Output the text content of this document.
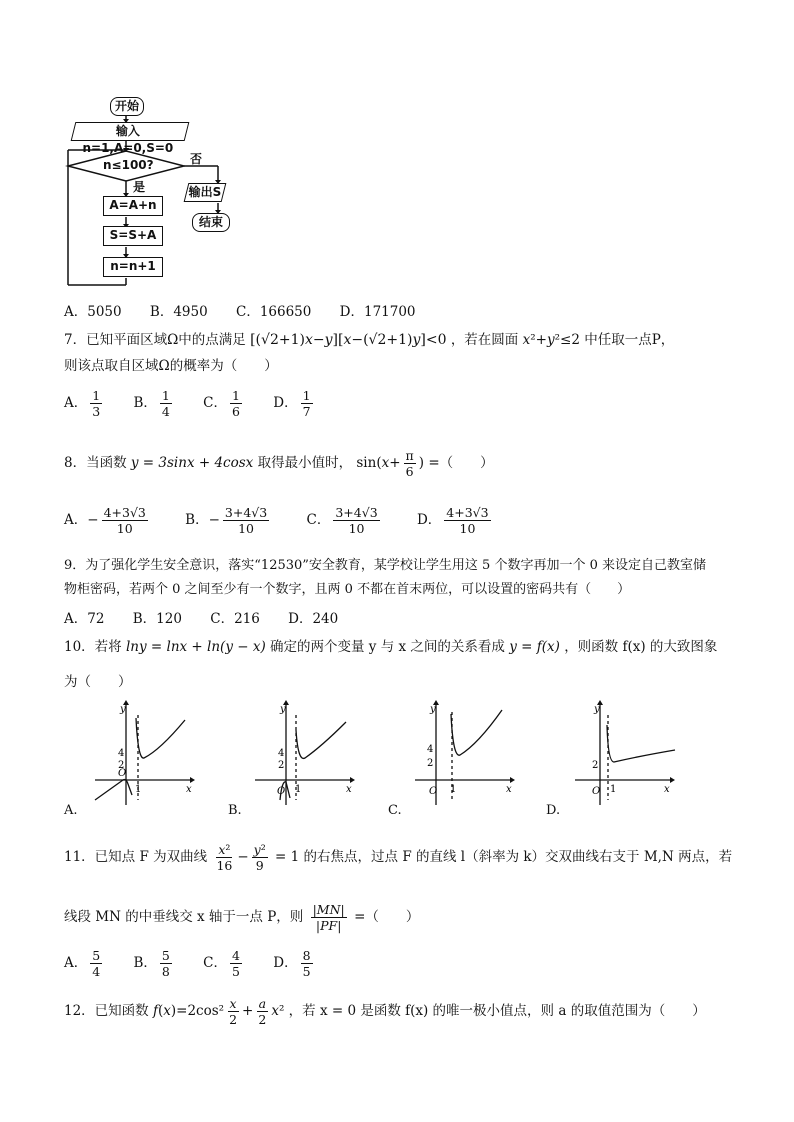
开始
输入n=1,A=0,S=0
n≤100?	否
是	输出S
结束
A=A+n
S=S+A
n=n+1
A．5050 B．4950 C．166650 D．171700
7．已知平面区域Ω中的点满足 [(√2+1)x−y][x−(√2+1)y]<0 ，若在圆面 x²+y²≤2 中任取一点P，
则该点取自区域Ω的概率为（　　）
A． $\frac{1}{3}$ B． $\frac{1}{4}$ C． $\frac{1}{6}$ D． $\frac{1}{7}$
8．当函数 y = 3sinx + 4cosx 取得最小值时， $\sin(x+ \frac{\pi}{6}$ ) =（　　）
A．− $\frac{4+3√3}{10}$	B．− $\frac{3+4√3}{10}$	C． $\frac{3+4√3}{10}$	D． $\frac{4+3√3}{10}$
9．为了强化学生安全意识，落实“12530”安全教育，某学校让学生用这 5 个数字再加一个 0 来设定自己教室储
物柜密码，若两个 0 之间至少有一个数字，且两 0 不都在首末两位，可以设置的密码共有（　　）
A．72 B．120 C．216 D．240
10．若将 lny = lnx + ln(y − x) 确定的两个变量 y 与 x 之间的关系看成 y = f(x) ，则函数 f(x) 的大致图象
为（　　）
y
x
O
1
4
2
A.
y
x
O 1
4
2
B.
y
x
O 1
4
2
C.
y
x
O 1
2
D.
11．已知点 F 为双曲线 $\frac{\text{x²}}{16} - \frac{\text{y²}}{9} = 1$ 的右焦点，过点 F 的直线 l（斜率为 k）交双曲线右支于 M,N 两点，若
线段 MN 的中垂线交 x 轴于一点 P，则 $\frac{|MN|}{|PF|}$ =（　　）
A． $\frac{5}{4}$ B． $\frac{5}{8}$ C． $\frac{4}{5}$ D． $\frac{8}{5}$
12．已知函数 $f(x)=2\cos^2 \frac{x}{2} + \frac{a}{2} x^2$ ，若 x = 0 是函数 f(x) 的唯一极小值点，则 a 的取值范围为（　　）
